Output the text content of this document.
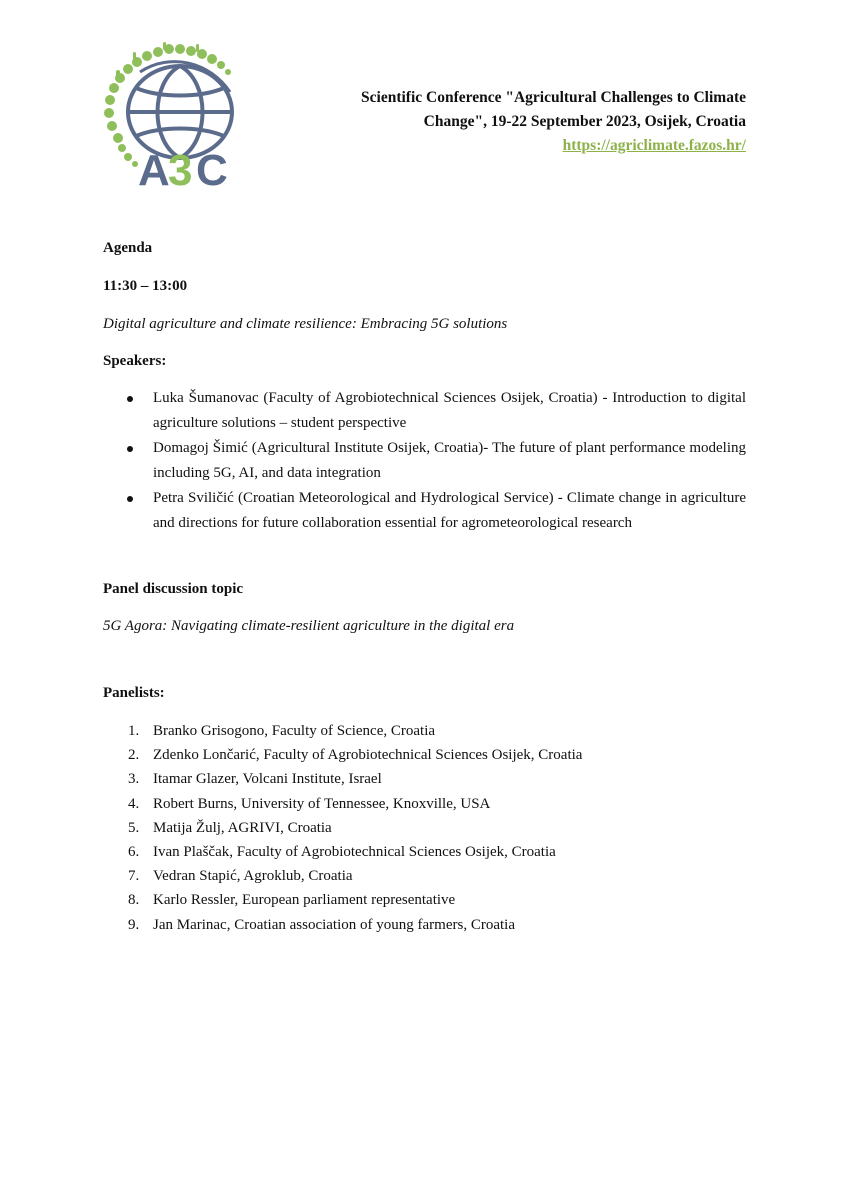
A
3 C
Scientific Conference "Agricultural Challenges to Climate
Change", 19-22 September 2023, Osijek, Croatia
https://agriclimate.fazos.hr/

Agenda

11:30 – 13:00

Digital agriculture and climate resilience: Embracing 5G solutions

Speakers:

Luka Šumanovac (Faculty of Agrobiotechnical Sciences Osijek, Croatia) - Introduction to digital agriculture solutions – student perspective
Domagoj Šimić (Agricultural Institute Osijek, Croatia)- The future of plant performance modeling including 5G, AI, and data integration
Petra Sviličić (Croatian Meteorological and Hydrological Service) - Climate change in agriculture and directions for future collaboration essential for agrometeorological research

Panel discussion topic

5G Agora: Navigating climate-resilient agriculture in the digital era

Panelists:

1. Branko Grisogono, Faculty of Science, Croatia
2. Zdenko Lončarić, Faculty of Agrobiotechnical Sciences Osijek, Croatia
3. Itamar Glazer, Volcani Institute, Israel
4. Robert Burns, University of Tennessee, Knoxville, USA
5. Matija Žulj, AGRIVI, Croatia
6. Ivan Plaščak, Faculty of Agrobiotechnical Sciences Osijek, Croatia
7. Vedran Stapić, Agroklub, Croatia
8. Karlo Ressler, European parliament representative
9. Jan Marinac, Croatian association of young farmers, Croatia
